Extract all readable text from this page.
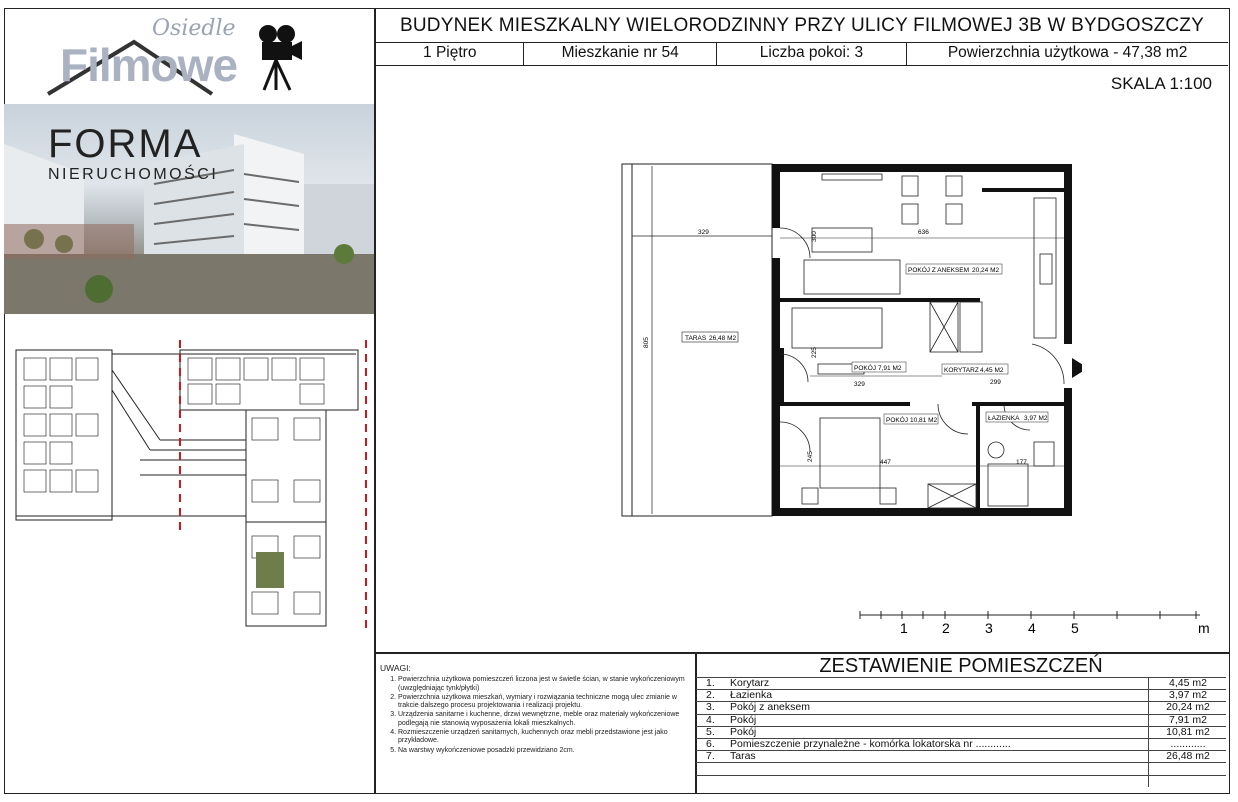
BUDYNEK MIESZKALNY WIELORODZINNY PRZY ULICY FILMOWEJ 3B W BYDGOSZCZY
1 Piętro	Mieszkanie nr 54	Liczba pokoi: 3	Powierzchnia użytkowa - 47,38 m2
SKALA 1:100
Osiedle
Filmowe
FORMA
NIERUCHOMOŚCI
329
805	TARAS 26,48 M2
636
300
225
329	299
245
447	177
POKÓJ Z ANEKSEM 20,24 M2
POKÓJ 7,91 M2	KORYTARZ 4,45 M2
POKÓJ 10,81 M2	ŁAZIENKA 3,97 M2
1 2	3	4	5	m
UWAGI:
1. Powierzchnia użytkowa pomieszczeń liczona jest w świetle ścian, w stanie wykończeniowym (uwzględniając tynk/płytki)
2. Powierzchnia użytkowa mieszkań, wymiary i rozwiązania techniczne mogą ulec zmianie w trakcie dalszego procesu projektowania i realizacji projektu.
3. Urządzenia sanitarne i kuchenne, drzwi wewnętrzne, meble oraz materiały wykończeniowe podlegają nie stanowią wyposażenia lokali mieszkalnych.
4. Rozmieszczenie urządzeń sanitarnych, kuchennych oraz mebli przedstawione jest jako przykładowe.
5. Na warstwy wykończeniowe posadzki przewidziano 2cm.
ZESTAWIENIE POMIESZCZEŃ
1. Korytarz	4,45 m2
2. Łazienka	3,97 m2
3. Pokój z aneksem	20,24 m2
4. Pokój	7,91 m2
5. Pokój	10,81 m2
6. Pomieszczenie przynależne - komórka lokatorska nr ............	............
7. Taras	26,48 m2
